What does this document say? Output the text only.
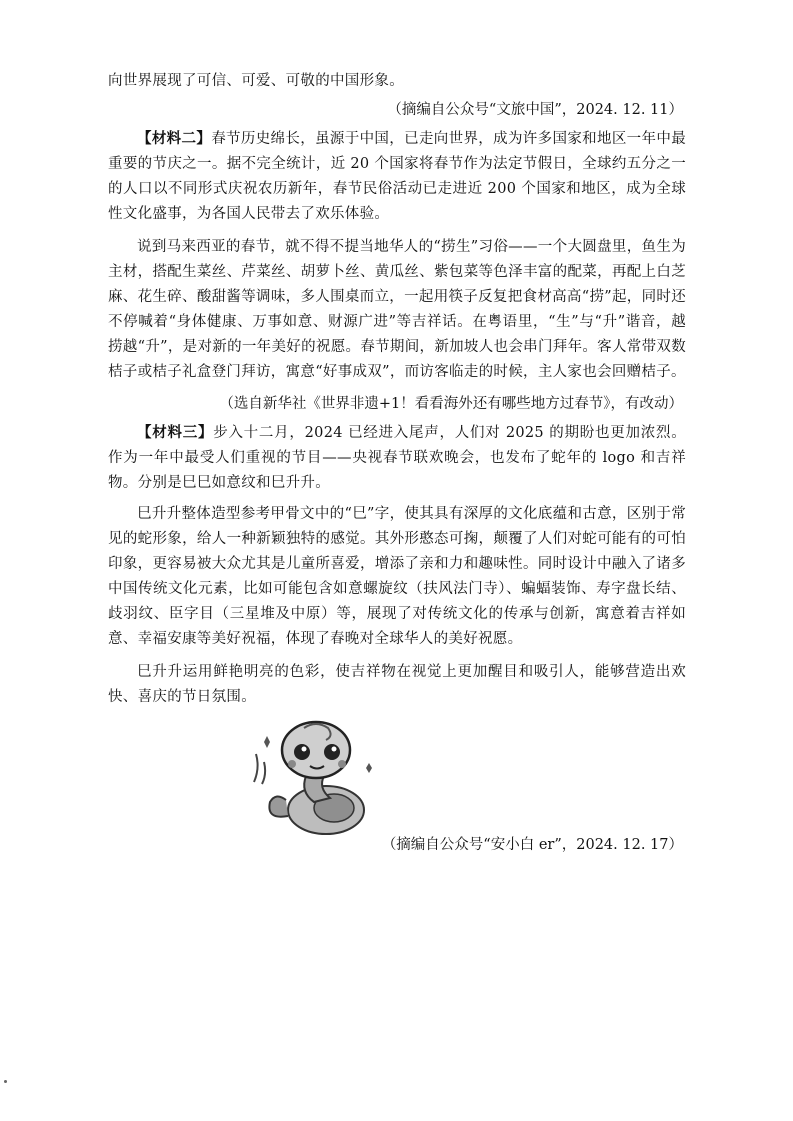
向世界展现了可信、可爱、可敬的中国形象。

（摘编自公众号“文旅中国”，2024. 12. 11）

【材料二】春节历史绵长，虽源于中国，已走向世界，成为许多国家和地区一年中最重要的节庆之一。据不完全统计，近 20 个国家将春节作为法定节假日，全球约五分之一的人口以不同形式庆祝农历新年，春节民俗活动已走进近 200 个国家和地区，成为全球性文化盛事，为各国人民带去了欢乐体验。

说到马来西亚的春节，就不得不提当地华人的“捞生”习俗——一个大圆盘里，鱼生为主材，搭配生菜丝、芹菜丝、胡萝卜丝、黄瓜丝、紫包菜等色泽丰富的配菜，再配上白芝麻、花生碎、酸甜酱等调味，多人围桌而立，一起用筷子反复把食材高高“捞”起，同时还不停喊着“身体健康、万事如意、财源广进”等吉祥话。在粤语里，“生”与“升”谐音，越捞越“升”，是对新的一年美好的祝愿。春节期间，新加坡人也会串门拜年。客人常带双数桔子或桔子礼盒登门拜访，寓意“好事成双”，而访客临走的时候，主人家也会回赠桔子。

（选自新华社《世界非遗+1！看看海外还有哪些地方过春节》，有改动）

【材料三】步入十二月，2024 已经进入尾声，人们对 2025 的期盼也更加浓烈。作为一年中最受人们重视的节目——央视春节联欢晚会，也发布了蛇年的 logo 和吉祥物。分别是巳巳如意纹和巳升升。

巳升升整体造型参考甲骨文中的“巳”字，使其具有深厚的文化底蕴和古意，区别于常见的蛇形象，给人一种新颖独特的感觉。其外形憨态可掬，颠覆了人们对蛇可能有的可怕印象，更容易被大众尤其是儿童所喜爱，增添了亲和力和趣味性。同时设计中融入了诸多中国传统文化元素，比如可能包含如意螺旋纹（扶风法门寺）、蝙蝠装饰、寿字盘长结、歧羽纹、臣字目（三星堆及中原）等，展现了对传统文化的传承与创新，寓意着吉祥如意、幸福安康等美好祝福，体现了春晚对全球华人的美好祝愿。

巳升升运用鲜艳明亮的色彩，使吉祥物在视觉上更加醒目和吸引人，能够营造出欢快、喜庆的节日氛围。

（摘编自公众号“安小白 er”，2024. 12. 17）
